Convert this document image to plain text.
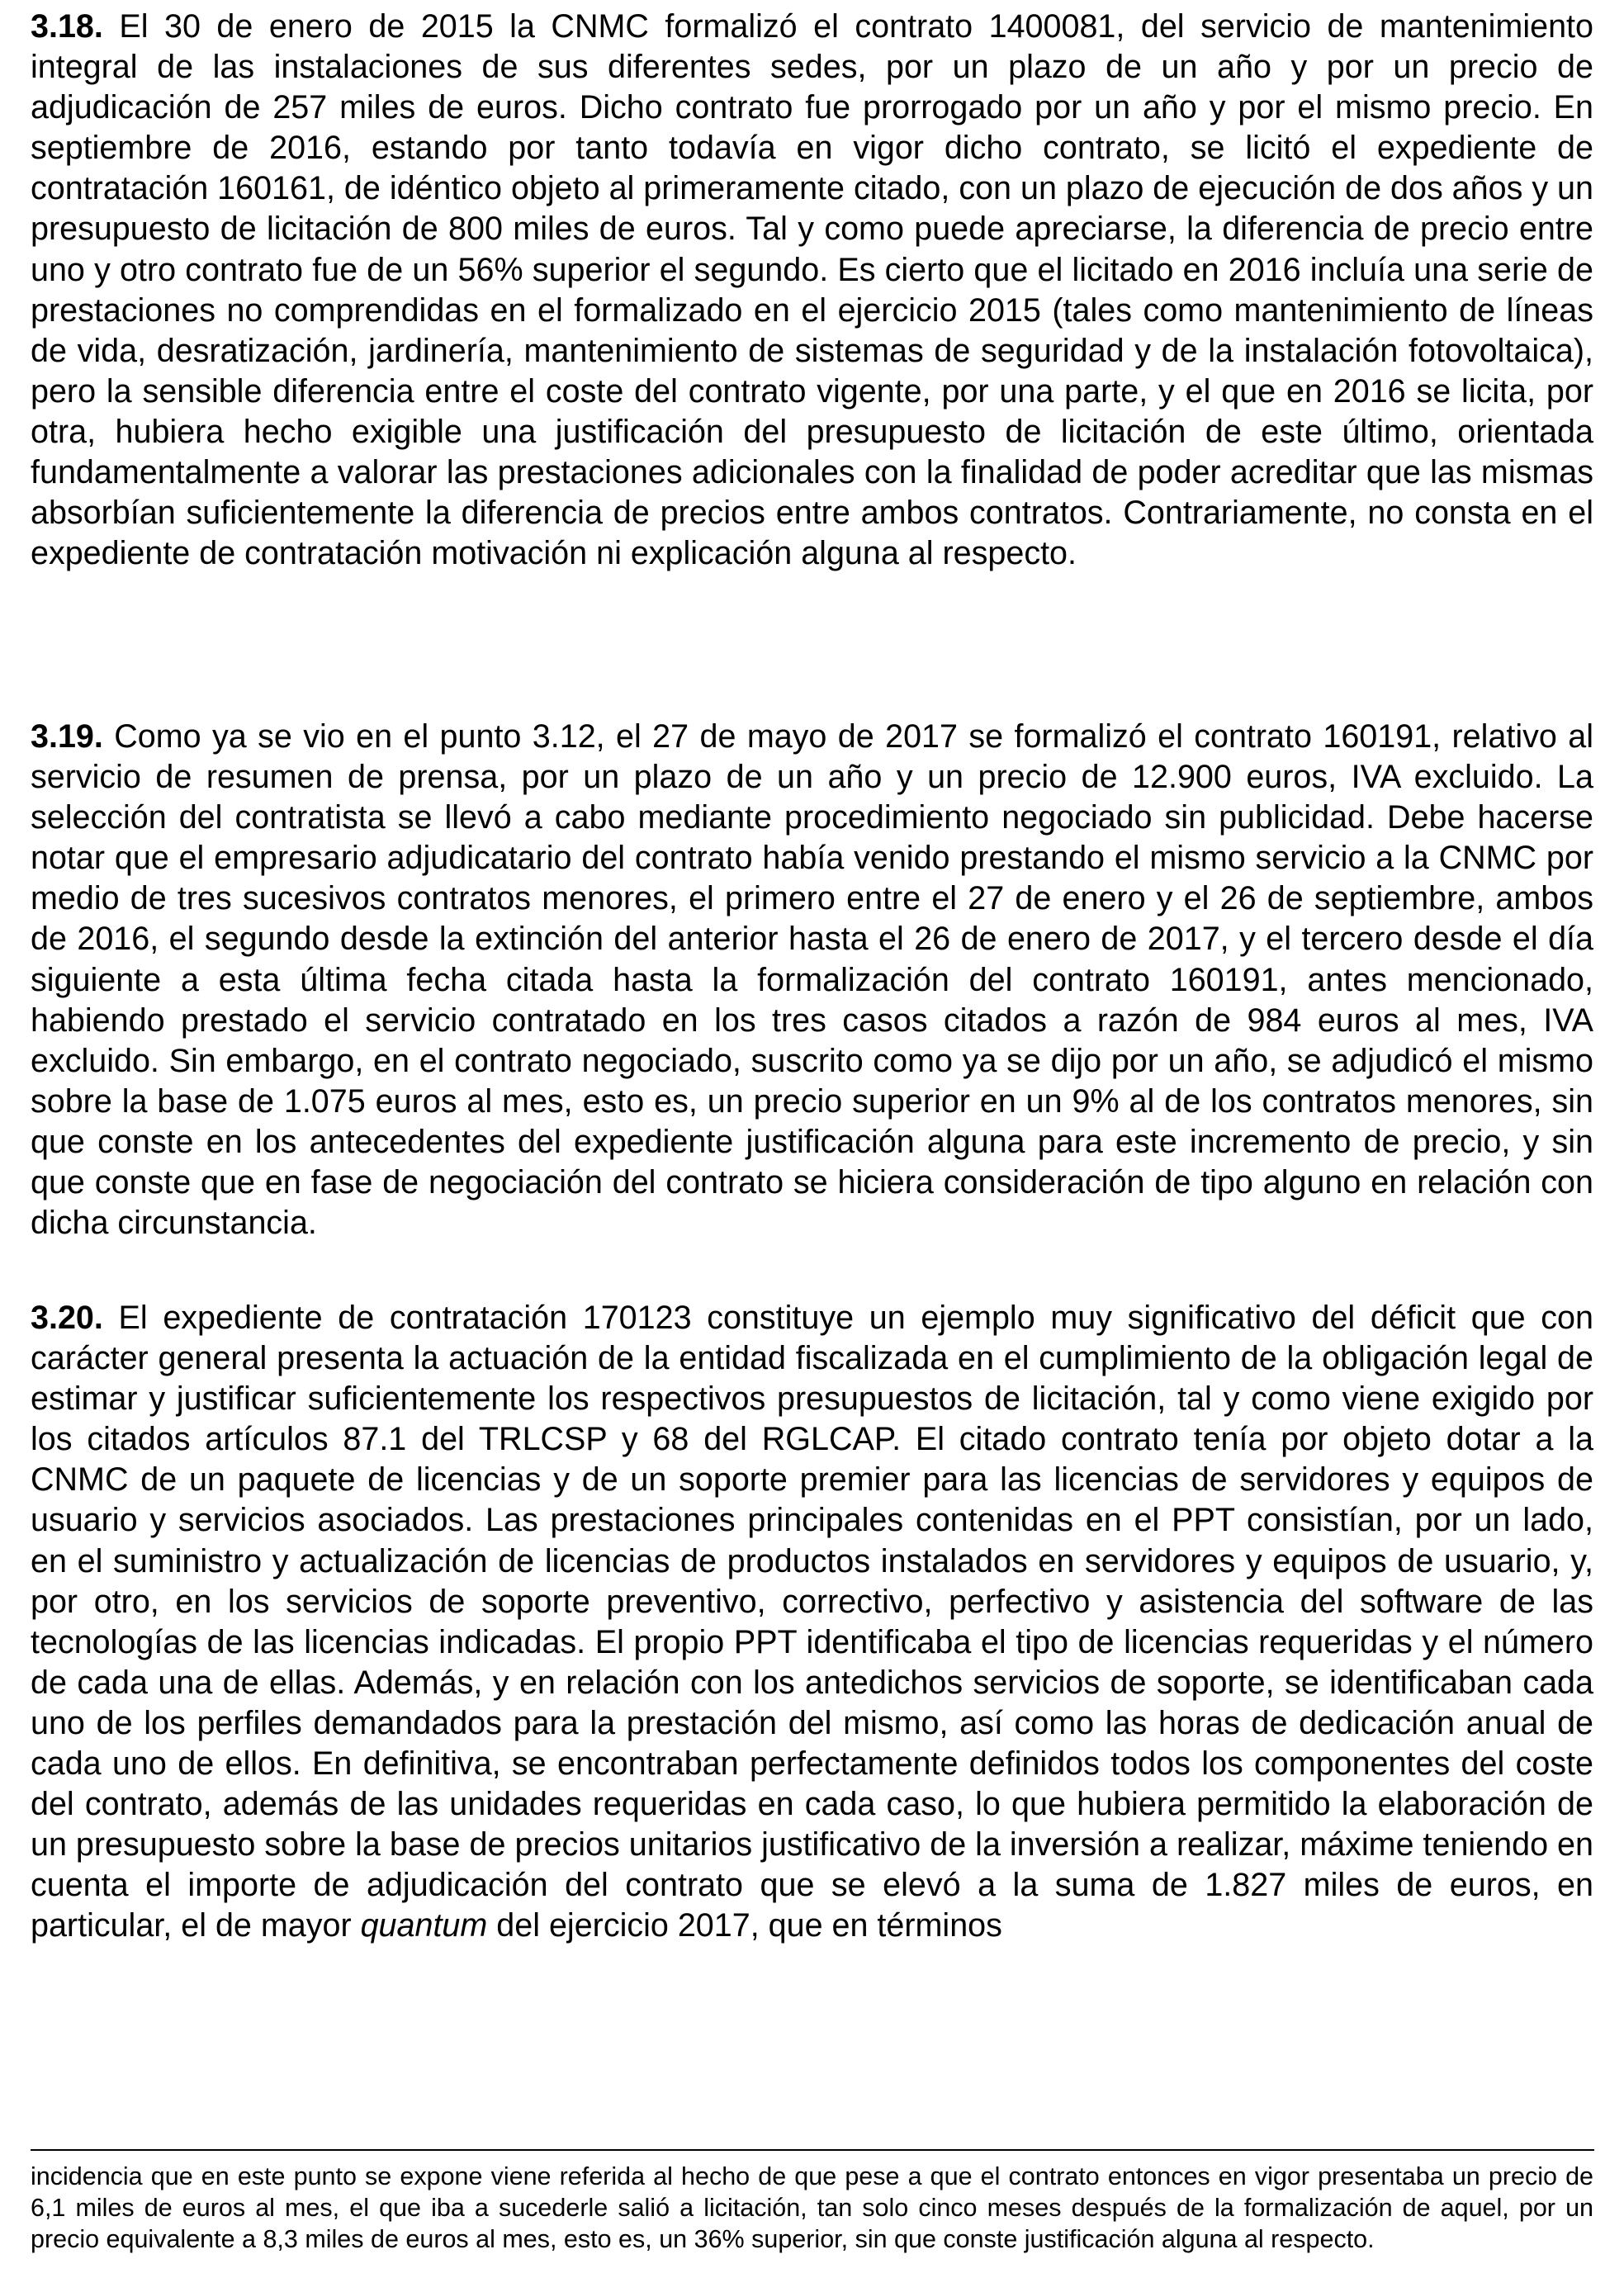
3.18. El 30 de enero de 2015 la CNMC formalizó el contrato 1400081, del servicio de mantenimiento integral de las instalaciones de sus diferentes sedes, por un plazo de un año y por un precio de adjudicación de 257 miles de euros. Dicho contrato fue prorrogado por un año y por el mismo precio. En septiembre de 2016, estando por tanto todavía en vigor dicho contrato, se licitó el expediente de contratación 160161, de idéntico objeto al primeramente citado, con un plazo de ejecución de dos años y un presupuesto de licitación de 800 miles de euros. Tal y como puede apreciarse, la diferencia de precio entre uno y otro contrato fue de un 56% superior el segundo. Es cierto que el licitado en 2016 incluía una serie de prestaciones no comprendidas en el formalizado en el ejercicio 2015 (tales como mantenimiento de líneas de vida, desratización, jardinería, mantenimiento de sistemas de seguridad y de la instalación fotovoltaica), pero la sensible diferencia entre el coste del contrato vigente, por una parte, y el que en 2016 se licita, por otra, hubiera hecho exigible una justificación del presupuesto de licitación de este último, orientada fundamentalmente a valorar las prestaciones adicionales con la finalidad de poder acreditar que las mismas absorbían suficientemente la diferencia de precios entre ambos contratos. Contrariamente, no consta en el expediente de contratación motivación ni explicación alguna al respecto.

3.19. Como ya se vio en el punto 3.12, el 27 de mayo de 2017 se formalizó el contrato 160191, relativo al servicio de resumen de prensa, por un plazo de un año y un precio de 12.900 euros, IVA excluido. La selección del contratista se llevó a cabo mediante procedimiento negociado sin publicidad. Debe hacerse notar que el empresario adjudicatario del contrato había venido prestando el mismo servicio a la CNMC por medio de tres sucesivos contratos menores, el primero entre el 27 de enero y el 26 de septiembre, ambos de 2016, el segundo desde la extinción del anterior hasta el 26 de enero de 2017, y el tercero desde el día siguiente a esta última fecha citada hasta la formalización del contrato 160191, antes mencionado, habiendo prestado el servicio contratado en los tres casos citados a razón de 984 euros al mes, IVA excluido. Sin embargo, en el contrato negociado, suscrito como ya se dijo por un año, se adjudicó el mismo sobre la base de 1.075 euros al mes, esto es, un precio superior en un 9% al de los contratos menores, sin que conste en los antecedentes del expediente justificación alguna para este incremento de precio, y sin que conste que en fase de negociación del contrato se hiciera consideración de tipo alguno en relación con dicha circunstancia.

3.20. El expediente de contratación 170123 constituye un ejemplo muy significativo del déficit que con carácter general presenta la actuación de la entidad fiscalizada en el cumplimiento de la obligación legal de estimar y justificar suficientemente los respectivos presupuestos de licitación, tal y como viene exigido por los citados artículos 87.1 del TRLCSP y 68 del RGLCAP. El citado contrato tenía por objeto dotar a la CNMC de un paquete de licencias y de un soporte premier para las licencias de servidores y equipos de usuario y servicios asociados. Las prestaciones principales contenidas en el PPT consistían, por un lado, en el suministro y actualización de licencias de productos instalados en servidores y equipos de usuario, y, por otro, en los servicios de soporte preventivo, correctivo, perfectivo y asistencia del software de las tecnologías de las licencias indicadas. El propio PPT identificaba el tipo de licencias requeridas y el número de cada una de ellas. Además, y en relación con los antedichos servicios de soporte, se identificaban cada uno de los perfiles demandados para la prestación del mismo, así como las horas de dedicación anual de cada uno de ellos. En definitiva, se encontraban perfectamente definidos todos los componentes del coste del contrato, además de las unidades requeridas en cada caso, lo que hubiera permitido la elaboración de un presupuesto sobre la base de precios unitarios justificativo de la inversión a realizar, máxime teniendo en cuenta el importe de adjudicación del contrato que se elevó a la suma de 1.827 miles de euros, en particular, el de mayor quantum del ejercicio 2017, que en términos

incidencia que en este punto se expone viene referida al hecho de que pese a que el contrato entonces en vigor presentaba un precio de 6,1 miles de euros al mes, el que iba a sucederle salió a licitación, tan solo cinco meses después de la formalización de aquel, por un precio equivalente a 8,3 miles de euros al mes, esto es, un 36% superior, sin que conste justificación alguna al respecto.
